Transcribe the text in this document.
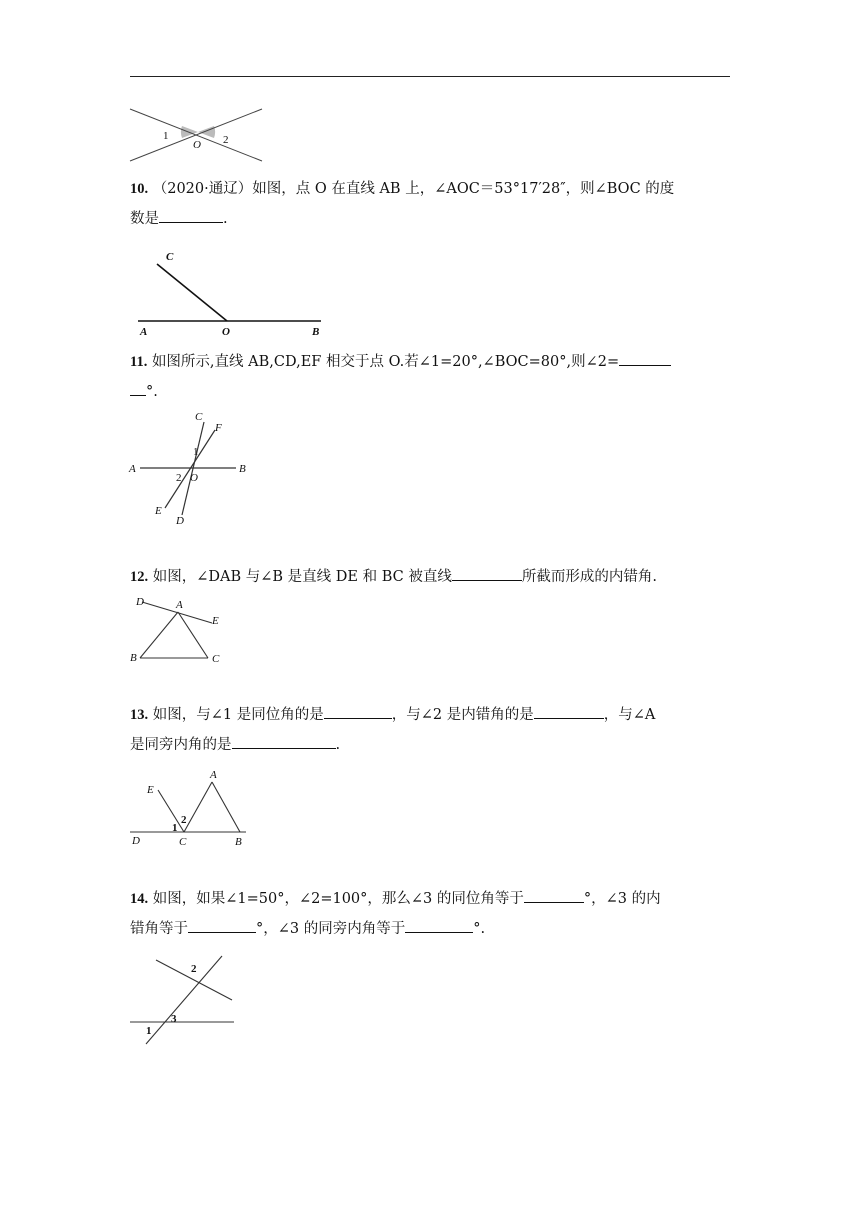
1
O 2
10. （2020·通辽）如图，点 O 在直线 AB 上，∠AOC＝53°17′28″，则∠BOC 的度
数是	.
C
A	O	B
11. 如图所示,直线 AB,CD,EF 相交于点 O.若∠1=20°,∠BOC=80°,则∠2=
°.
C
F
1
A
2 O
B
E
D
12. 如图，∠DAB 与∠B 是直线 DE 和 BC 被直线	所截而形成的内错角.
D	A
E
B	C
13. 如图，与∠1 是同位角的是	，与∠2 是内错角的是	，与∠A
是同旁内角的是	.
A
E
2
1
D	C	B
14. 如图，如果∠1=50°，∠2=100°，那么∠3 的同位角等于	°，∠3 的内
错角等于	°，∠3 的同旁内角等于	°.
2
1
3
